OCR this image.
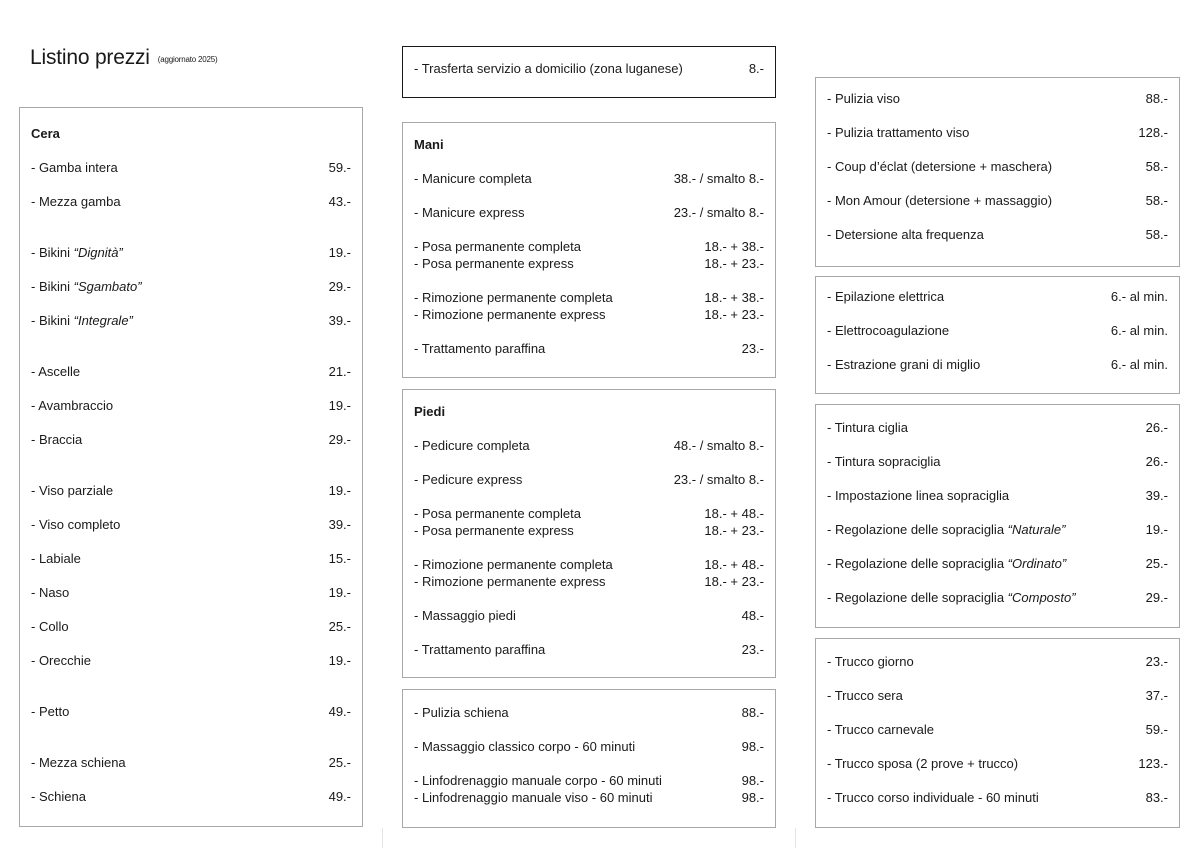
Listino prezzi $^{(aggiornato 2025)}$
Cera
- Gamba intera	59.-
- Mezza gamba	43.-
- Bikini “Dignità”	19.-
- Bikini “Sgambato”	29.-
- Bikini “Integrale”	39.-
- Ascelle	21.-
- Avambraccio	19.-
- Braccia	29.-
- Viso parziale	19.-
- Viso completo	39.-
- Labiale	15.-
- Naso	19.-
- Collo	25.-
- Orecchie	19.-
- Petto	49.-
- Mezza schiena	25.-
- Schiena	49.-
- Trasferta servizio a domicilio (zona luganese)	8.-
Mani
- Manicure completa	38.- / smalto 8.-
- Manicure express	23.- / smalto 8.-
- Posa permanente completa	18.- + 38.-
- Posa permanente express	18.- + 23.-
- Rimozione permanente completa	18.- + 38.-
- Rimozione permanente express	18.- + 23.-
- Trattamento paraffina	23.-
Piedi
- Pedicure completa	48.- / smalto 8.-
- Pedicure express	23.- / smalto 8.-
- Posa permanente completa	18.- + 48.-
- Posa permanente express	18.- + 23.-
- Rimozione permanente completa	18.- + 48.-
- Rimozione permanente express	18.- + 23.-
- Massaggio piedi	48.-
- Trattamento paraffina	23.-
- Pulizia schiena	88.-
- Massaggio classico corpo - 60 minuti	98.-
- Linfodrenaggio manuale corpo - 60 minuti	98.-
- Linfodrenaggio manuale viso - 60 minuti	98.-
- Pulizia viso	88.-
- Pulizia trattamento viso	128.-
- Coup d’éclat (detersione + maschera)	58.-
- Mon Amour (detersione + massaggio)	58.-
- Detersione alta frequenza	58.-
- Epilazione elettrica	6.- al min.
- Elettrocoagulazione	6.- al min.
- Estrazione grani di miglio	6.- al min.
- Tintura ciglia	26.-
- Tintura sopraciglia	26.-
- Impostazione linea sopraciglia	39.-
- Regolazione delle sopraciglia “Naturale”	19.-
- Regolazione delle sopraciglia “Ordinato”	25.-
- Regolazione delle sopraciglia “Composto”	29.-
- Trucco giorno	23.-
- Trucco sera	37.-
- Trucco carnevale	59.-
- Trucco sposa (2 prove + trucco)	123.-
- Trucco corso individuale - 60 minuti	83.-
